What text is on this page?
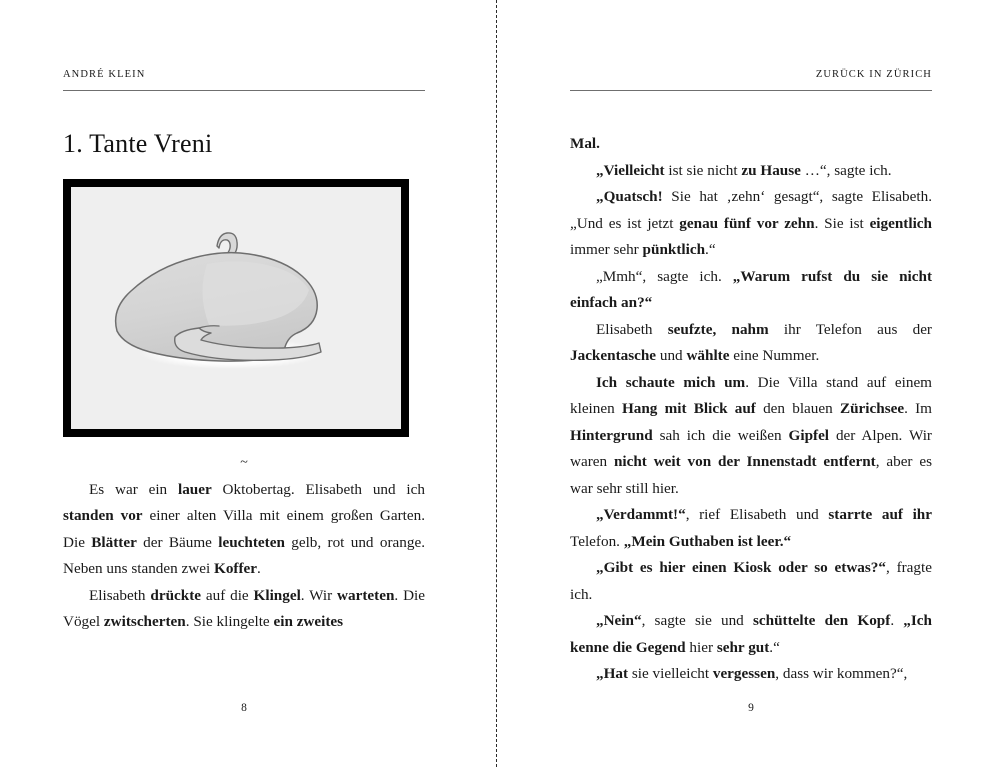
ANDRÉ KLEIN
1. Tante Vreni
~

Es war ein lauer Oktobertag. Elisabeth und ich standen vor einer alten Villa mit einem großen Garten. Die Blätter der Bäume leuchteten gelb, rot und orange. Neben uns standen zwei Koffer.

Elisabeth drückte auf die Klingel. Wir warteten. Die Vögel zwitscherten. Sie klingelte ein zweites

8
ZURÜCK IN ZÜRICH

Mal.

„Vielleicht ist sie nicht zu Hause …“, sagte ich.

„Quatsch! Sie hat ‚zehn‘ gesagt“, sagte Elisabeth. „Und es ist jetzt genau fünf vor zehn. Sie ist eigentlich immer sehr pünktlich.“

„Mmh“, sagte ich. „Warum rufst du sie nicht einfach an?“

Elisabeth seufzte, nahm ihr Telefon aus der Jackentasche und wählte eine Nummer.

Ich schaute mich um. Die Villa stand auf einem kleinen Hang mit Blick auf den blauen Zürichsee. Im Hintergrund sah ich die weißen Gipfel der Alpen. Wir waren nicht weit von der Innenstadt entfernt, aber es war sehr still hier.

„Verdammt!“, rief Elisabeth und starrte auf ihr Telefon. „Mein Guthaben ist leer.“

„Gibt es hier einen Kiosk oder so etwas?“, fragte ich.

„Nein“, sagte sie und schüttelte den Kopf. „Ich kenne die Gegend hier sehr gut.“

„Hat sie vielleicht vergessen, dass wir kommen?“,

9
